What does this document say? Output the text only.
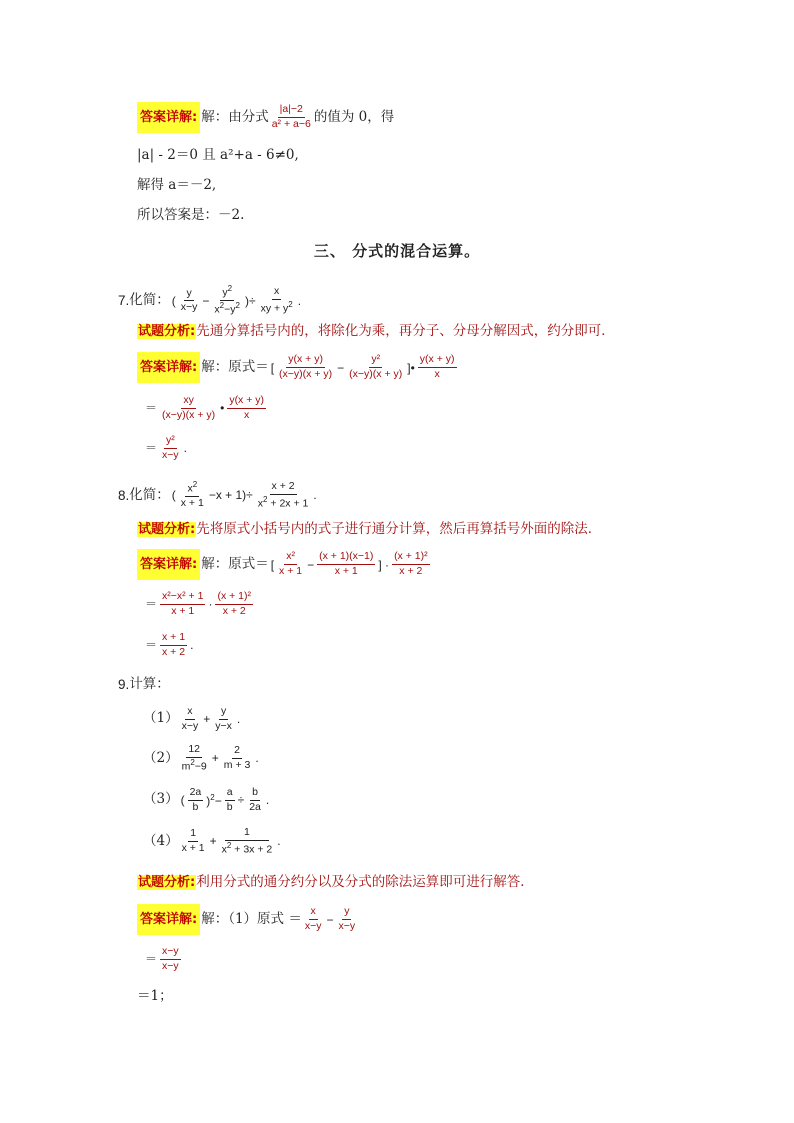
答案详解: 解：由分式 $\frac{|a|-2}{\text{a² + a−6}}$ 的值为 0，得
|a| - 2＝0 且 a²+a - 6≠0,
解得 a＝－2,
所以答案是：－2.
三、 分式的混合运算。
7. 化简： ( $\frac{y}{x-y} - \frac{y^2}{x^2-y^2}$ )÷ $\frac{x}{xy + y^2}$ .
试题分析: 先通分算括号内的，将除化为乘，再分子、分母分解因式，约分即可．
答案详解: 解：原式＝ [ $\frac{y(x + y)}{(x-y)(x + y)} - \frac{\text{y²}}{(x-y)(x + y)}$ ]• $\frac{y(x + y)}{x}$
＝ $\frac{xy}{(x-y)(x + y)}$ • $\frac{y(x + y)}{x}$
＝ $\frac{\text{y²}}{x-y}$ .
8. 化简： ( $\frac{x^2}{x + 1} -x + 1)\div \frac{x + 2}{x^2 + 2x + 1}$ .
试题分析: 先将原式小括号内的式子进行通分计算，然后再算括号外面的除法．
答案详解: 解：原式＝ [ $\frac{\text{x²}}{x + 1} - \frac{(x + 1)(x-1)}{x + 1}$ ] · $\frac{\text{(x + 1)²}}{x + 2}$
＝ $\frac{\text{x²−x² + 1}}{x + 1} \cdot \frac{\text{(x + 1)²}}{x + 2}$
＝ $\frac{x + 1}{x + 2}$ .
9. 计算：
$(1) \frac{x}{x-y} + \frac{y}{y-x}$ .
$(2) \frac{12}{m^2-9} + \frac{2}{m + 3}$ .
（3） ( $\frac{2a}{b} )^2- \frac{a}{b} \div \frac{b}{2a}$ .
$(4) \frac{1}{x + 1} + \frac{1}{x^2 + 3x + 2}$ .
试题分析: 利用分式的通分约分以及分式的除法运算即可进行解答．
答案详解: 解：（1）原式 ＝ $\frac{x}{x-y} - \frac{y}{x-y}$
＝ $\frac{x-y}{x-y}$
＝1；
